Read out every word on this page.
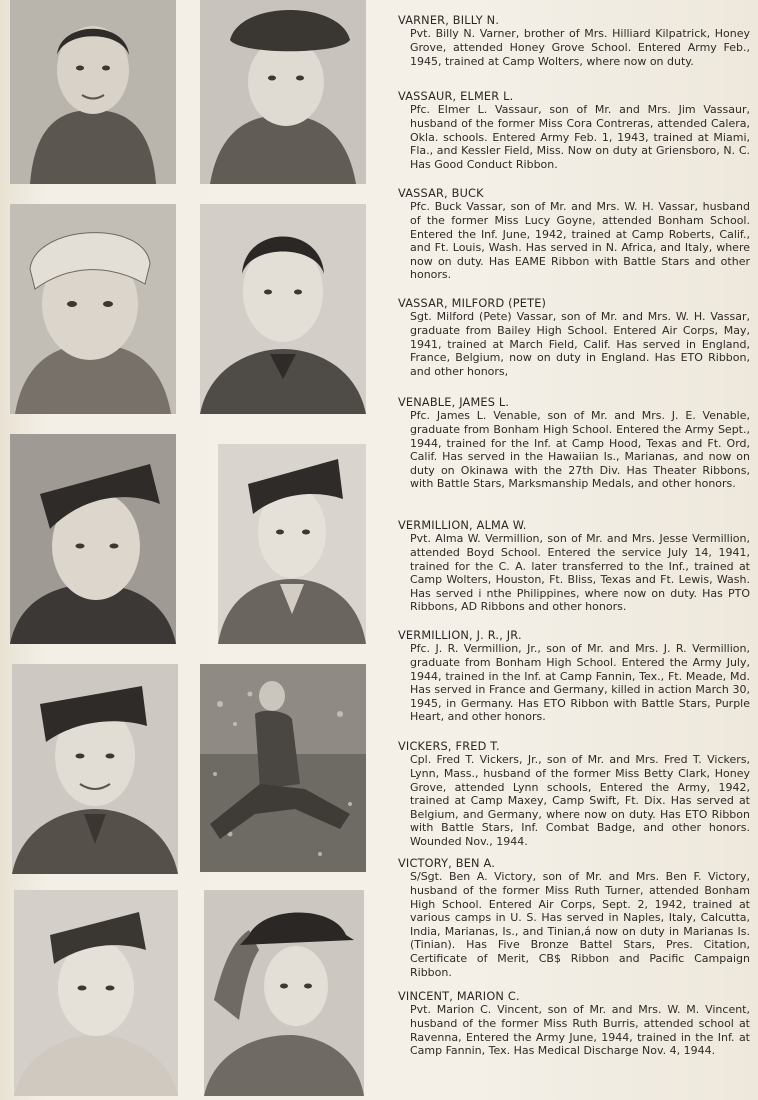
VARNER, BILLY N.
Pvt. Billy N. Varner, brother of Mrs. Hilliard Kilpatrick, Honey Grove, attended Honey Grove School. Entered Army Feb., 1945, trained at Camp Wolters, where now on duty.
VASSAUR, ELMER L.
Pfc. Elmer L. Vassaur, son of Mr. and Mrs. Jim Vassaur, husband of the former Miss Cora Contreras, attended Calera, Okla. schools. Entered Army Feb. 1, 1943, trained at Miami, Fla., and Kessler Field, Miss. Now on duty at Griensboro, N. C. Has Good Conduct Ribbon.
VASSAR, BUCK
Pfc. Buck Vassar, son of Mr. and Mrs. W. H. Vassar, husband of the former Miss Lucy Goyne, attended Bonham School. Entered the Inf. June, 1942, trained at Camp Roberts, Calif., and Ft. Louis, Wash. Has served in N. Africa, and Italy, where now on duty. Has EAME Ribbon with Battle Stars and other honors.
VASSAR, MILFORD (PETE)
Sgt. Milford (Pete) Vassar, son of Mr. and Mrs. W. H. Vassar, graduate from Bailey High School. Entered Air Corps, May, 1941, trained at March Field, Calif. Has served in England, France, Belgium, now on duty in England. Has ETO Ribbon, and other honors,
VENABLE, JAMES L.
Pfc. James L. Venable, son of Mr. and Mrs. J. E. Venable, graduate from Bonham High School. Entered the Army Sept., 1944, trained for the Inf. at Camp Hood, Texas and Ft. Ord, Calif. Has served in the Hawaiian Is., Marianas, and now on duty on Okinawa with the 27th Div. Has Theater Ribbons, with Battle Stars, Marksmanship Medals, and other honors.
VERMILLION, ALMA W.
Pvt. Alma W. Vermillion, son of Mr. and Mrs. Jesse Vermillion, attended Boyd School. Entered the service July 14, 1941, trained for the C. A. later transferred to the Inf., trained at Camp Wolters, Houston, Ft. Bliss, Texas and Ft. Lewis, Wash. Has served i nthe Philippines, where now on duty. Has PTO Ribbons, AD Ribbons and other honors.
VERMILLION, J. R., JR.
Pfc. J. R. Vermillion, Jr., son of Mr. and Mrs. J. R. Vermillion, graduate from Bonham High School. Entered the Army July, 1944, trained in the Inf. at Camp Fannin, Tex., Ft. Meade, Md. Has served in France and Germany, killed in action March 30, 1945, in Germany. Has ETO Ribbon with Battle Stars, Purple Heart, and other honors.
VICKERS, FRED T.
Cpl. Fred T. Vickers, Jr., son of Mr. and Mrs. Fred T. Vickers, Lynn, Mass., husband of the former Miss Betty Clark, Honey Grove, attended Lynn schools, Entered the Army, 1942, trained at Camp Maxey, Camp Swift, Ft. Dix. Has served at Belgium, and Germany, where now on duty. Has ETO Ribbon with Battle Stars, Inf. Combat Badge, and other honors. Wounded Nov., 1944.
VICTORY, BEN A.
S/Sgt. Ben A. Victory, son of Mr. and Mrs. Ben F. Victory, husband of the former Miss Ruth Turner, attended Bonham High School. Entered Air Corps, Sept. 2, 1942, trained at various camps in U. S. Has served in Naples, Italy, Calcutta, India, Marianas, Is., and Tinian,á now on duty in Marianas Is. (Tinian). Has Five Bronze Battel Stars, Pres. Citation, Certificate of Merit, CB$ Ribbon and Pacific Campaign Ribbon.
VINCENT, MARION C.
Pvt. Marion C. Vincent, son of Mr. and Mrs. W. M. Vincent, husband of the former Miss Ruth Burris, attended school at Ravenna, Entered the Army June, 1944, trained in the Inf. at Camp Fannin, Tex. Has Medical Discharge Nov. 4, 1944.
